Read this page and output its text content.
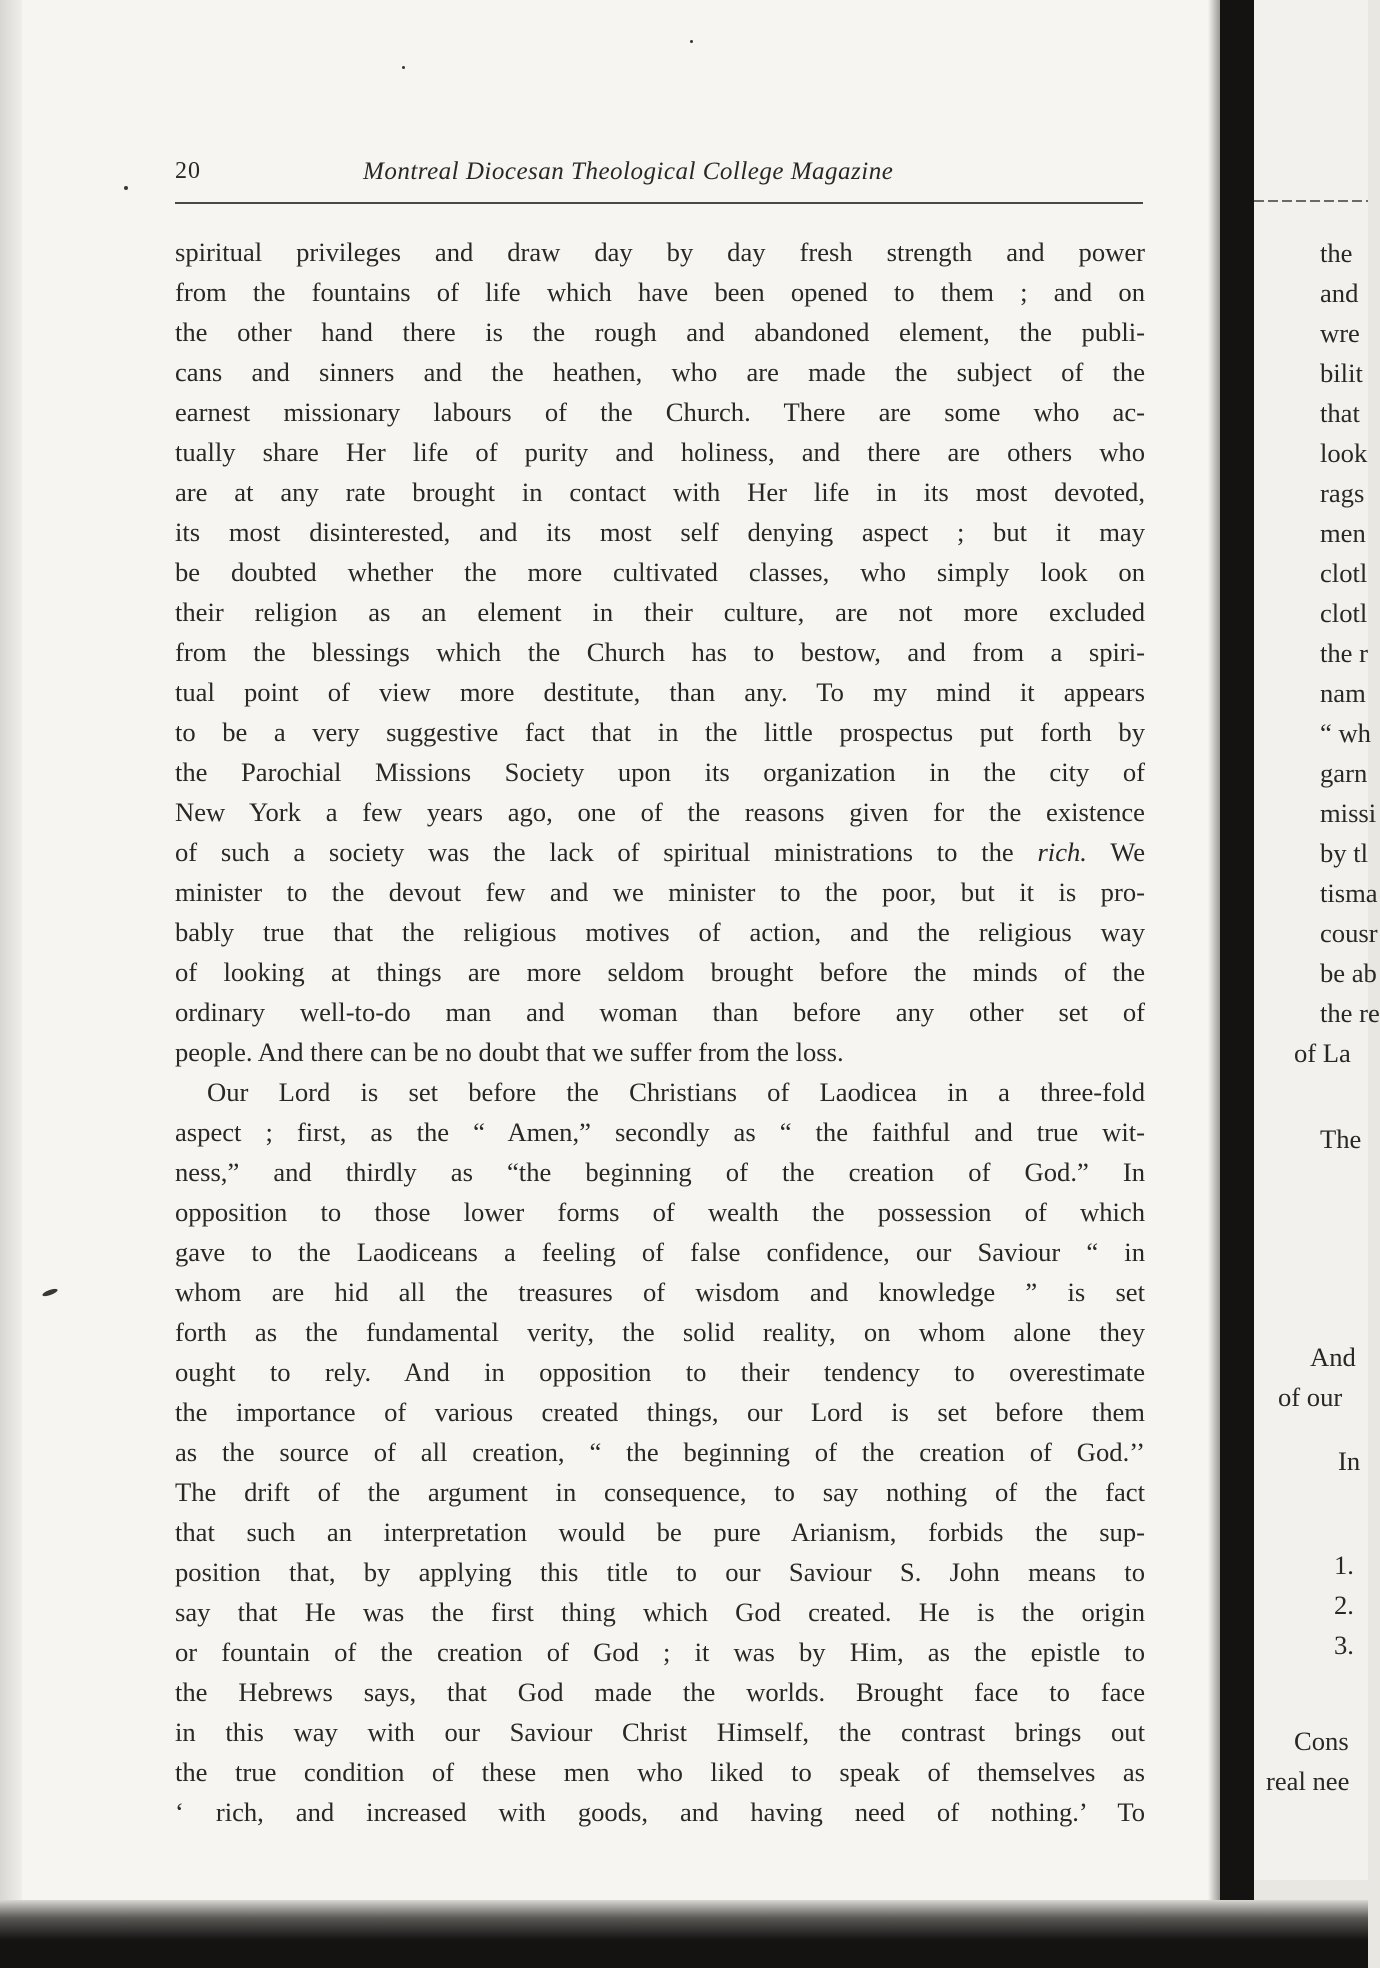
20	Montreal Diocesan Theological College Magazine
spiritual privileges and draw day by day fresh strength and power
from the fountains of life which have been opened to them ; and on
the other hand there is the rough and abandoned element, the publi-
cans and sinners and the heathen, who are made the subject of the
earnest missionary labours of the Church. There are some who ac-
tually share Her life of purity and holiness, and there are others who
are at any rate brought in contact with Her life in its most devoted,
its most disinterested, and its most self denying aspect ; but it may
be doubted whether the more cultivated classes, who simply look on
their religion as an element in their culture, are not more excluded
from the blessings which the Church has to bestow, and from a spiri-
tual point of view more destitute, than any. To my mind it appears
to be a very suggestive fact that in the little prospectus put forth by
the Parochial Missions Society upon its organization in the city of
New York a few years ago, one of the reasons given for the existence
of such a society was the lack of spiritual ministrations to the rich. We
minister to the devout few and we minister to the poor, but it is pro-
bably true that the religious motives of action, and the religious way
of looking at things are more seldom brought before the minds of the
ordinary well-to-do man and woman than before any other set of
people. And there can be no doubt that we suffer from the loss.
Our Lord is set before the Christians of Laodicea in a three-fold
aspect ; first, as the “ Amen,” secondly as “ the faithful and true wit-
ness,” and thirdly as “the beginning of the creation of God.” In
opposition to those lower forms of wealth the possession of which
gave to the Laodiceans a feeling of false confidence, our Saviour “ in
whom are hid all the treasures of wisdom and knowledge ” is set
forth as the fundamental verity, the solid reality, on whom alone they
ought to rely. And in opposition to their tendency to overestimate
the importance of various created things, our Lord is set before them
as the source of all creation, “ the beginning of the creation of God.’’
The drift of the argument in consequence, to say nothing of the fact
that such an interpretation would be pure Arianism, forbids the sup-
position that, by applying this title to our Saviour S. John means to
say that He was the first thing which God created. He is the origin
or fountain of the creation of God ; it was by Him, as the epistle to
the Hebrews says, that God made the worlds. Brought face to face
in this way with our Saviour Christ Himself, the contrast brings out
the true condition of these men who liked to speak of themselves as
‘ rich, and increased with goods, and having need of nothing.’ To
the
and
wre
bilit
that
look
rags
men
clotl
clotl
the r
nam
“ wh
garn
missi
by tl
tisma
cousr
be ab
the re
of La
The
And
of our
In
1.
2.
3.
Cons
real nee
